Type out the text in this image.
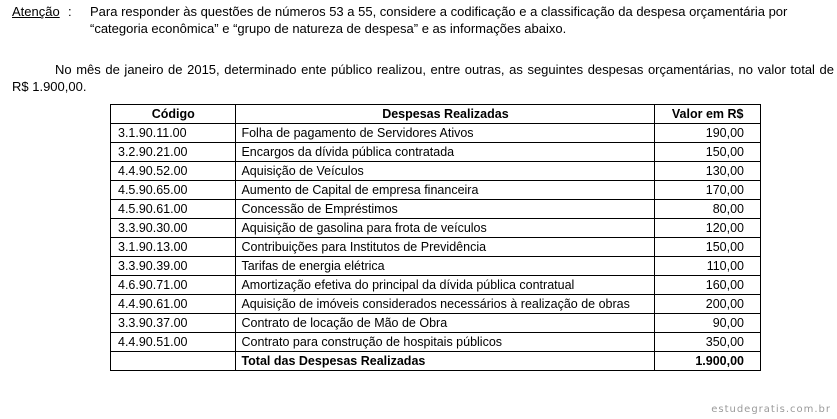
Atenção : Para responder às questões de números 53 a 55, considere a codificação e a classificação da despesa orçamentária por “categoria econômica” e “grupo de natureza de despesa” e as informações abaixo.
No mês de janeiro de 2015, determinado ente público realizou, entre outras, as seguintes despesas orçamentárias, no valor total de R$ 1.900,00.
Código	Despesas Realizadas	Valor em R$
3.1.90.11.00	Folha de pagamento de Servidores Ativos	190,00
3.2.90.21.00	Encargos da dívida pública contratada	150,00
4.4.90.52.00	Aquisição de Veículos	130,00
4.5.90.65.00	Aumento de Capital de empresa financeira	170,00
4.5.90.61.00	Concessão de Empréstimos	80,00
3.3.90.30.00	Aquisição de gasolina para frota de veículos	120,00
3.1.90.13.00	Contribuições para Institutos de Previdência	150,00
3.3.90.39.00	Tarifas de energia elétrica	110,00
4.6.90.71.00	Amortização efetiva do principal da dívida pública contratual	160,00
4.4.90.61.00	Aquisição de imóveis considerados necessários à realização de obras	200,00
3.3.90.37.00	Contrato de locação de Mão de Obra	90,00
4.4.90.51.00	Contrato para construção de hospitais públicos	350,00
	Total das Despesas Realizadas	1.900,00
estudegratis.com.br
